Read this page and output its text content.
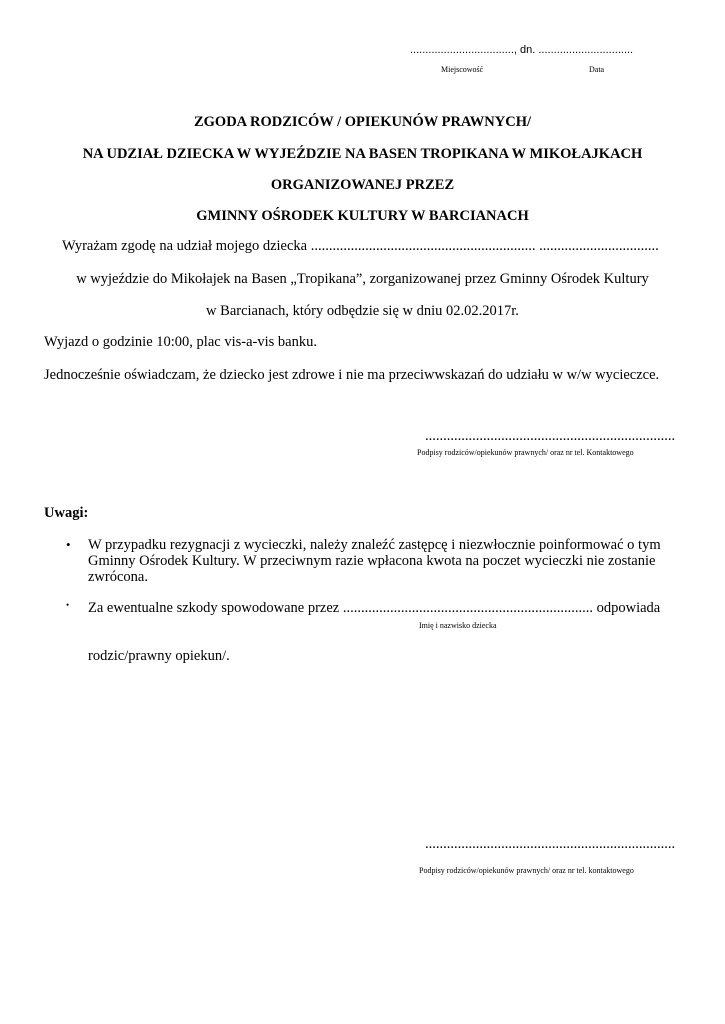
.................................., dn. ...............................
Miejscowość	Data
ZGODA RODZICÓW / OPIEKUNÓW PRAWNYCH/
NA UDZIAŁ DZIECKA W WYJEŹDZIE NA BASEN TROPIKANA W MIKOŁAJKACH
ORGANIZOWANEJ PRZEZ
GMINNY OŚRODEK KULTURY W BARCIANACH
Wyrażam zgodę na udział mojego dziecka .............................................................. .................................
w wyjeździe do Mikołajek na Basen „Tropikana”, zorganizowanej przez Gminny Ośrodek Kultury
w Barcianach, który odbędzie się w dniu 02.02.2017r.
Wyjazd o godzinie 10:00, plac vis-a-vis banku.
Jednocześnie oświadczam, że dziecko jest zdrowe i nie ma przeciwwskazań do udziału w w/w wycieczce.
.....................................................................
Podpisy rodziców/opiekunów prawnych/ oraz nr tel. Kontaktowego
Uwagi:
• W przypadku rezygnacji z wycieczki, należy znaleźć zastępcę i niezwłocznie poinformować o tym
Gminny Ośrodek Kultury. W przeciwnym razie wpłacona kwota na poczet wycieczki nie zostanie
zwrócona.
• Za ewentualne szkody spowodowane przez ..................................................................... odpowiada
Imię i nazwisko dziecka
rodzic/prawny opiekun/.
.....................................................................
Podpisy rodziców/opiekunów prawnych/ oraz nr tel. kontaktowego
